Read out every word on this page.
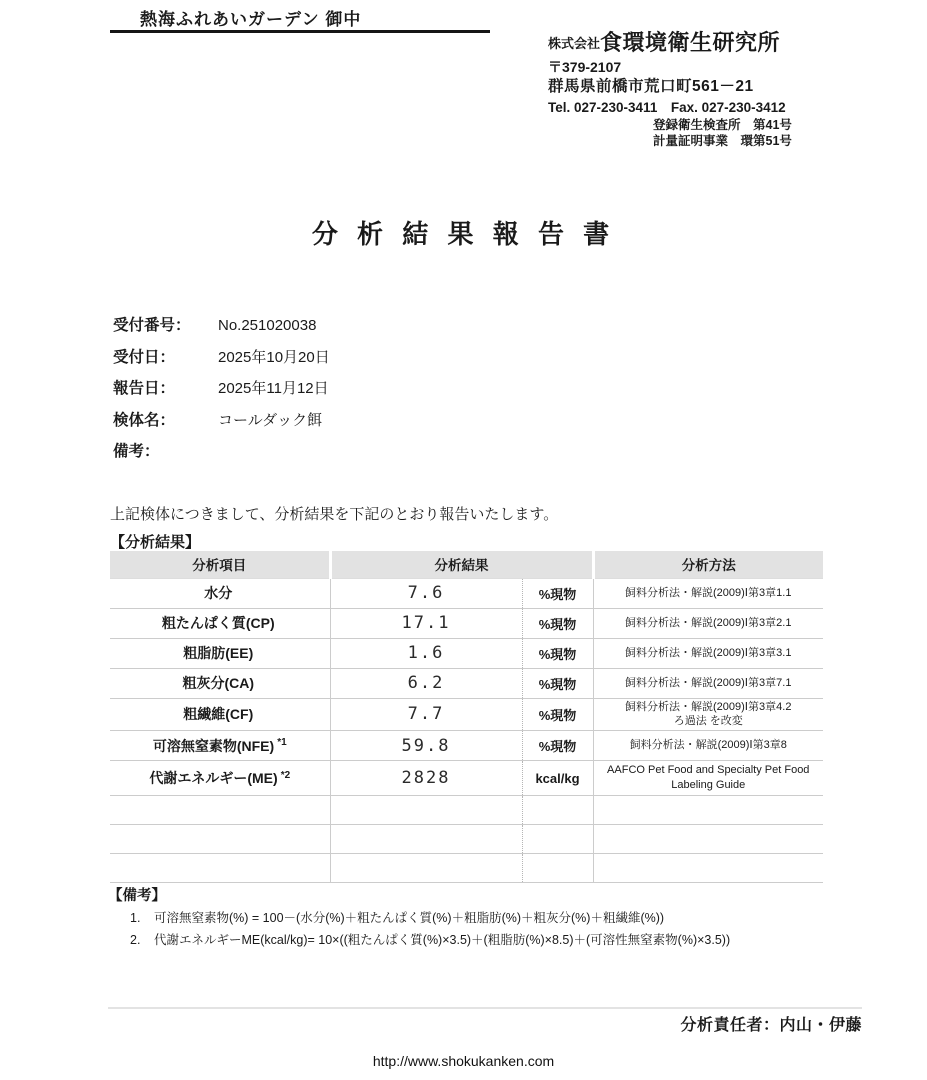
熱海ふれあいガーデン 御中
株式会社食環境衛生研究所
〒379-2107
群馬県前橋市荒口町561－21
Tel. 027-230-3411　Fax. 027-230-3412
登録衛生検査所　第41号
計量証明事業　環第51号
分 析 結 果 報 告 書
受付番号： No.251020038
受付日：	2025年10月20日
報告日：	2025年11月12日
検体名：	コールダック餌
備考：
上記検体につきまして、分析結果を下記のとおり報告いたします。
【分析結果】
分析項目	分析結果		分析方法
水分	7.6	%現物	飼料分析法・解説(2009)Ⅰ第3章1.1

粗たんぱく質(CP)	17.1	%現物	飼料分析法・解説(2009)Ⅰ第3章2.1

粗脂肪(EE)	1.6	%現物	飼料分析法・解説(2009)Ⅰ第3章3.1

粗灰分(CA)	6.2	%現物	飼料分析法・解説(2009)Ⅰ第3章7.1

粗繊維(CF)	7.7	%現物	飼料分析法・解説(2009)Ⅰ第3章4.2
ろ過法 を改変

可溶無窒素物(NFE) $^{*1}$	59.8	%現物	飼料分析法・解説(2009)Ⅰ第3章8

代謝エネルギー(ME) $^{*2}$	2828	kcal/kg	AAFCO Pet Food and Specialty Pet Food
Labeling Guide

【備考】
1. 可溶無窒素物(%) = 100－(水分(%)＋粗たんぱく質(%)＋粗脂肪(%)＋粗灰分(%)＋粗繊維(%))
2. 代謝エネルギーME(kcal/kg)= 10×((粗たんぱく質(%)×3.5)＋(粗脂肪(%)×8.5)＋(可溶性無窒素物(%)×3.5))
分析責任者：内山・伊藤
http://www.shokukanken.com
